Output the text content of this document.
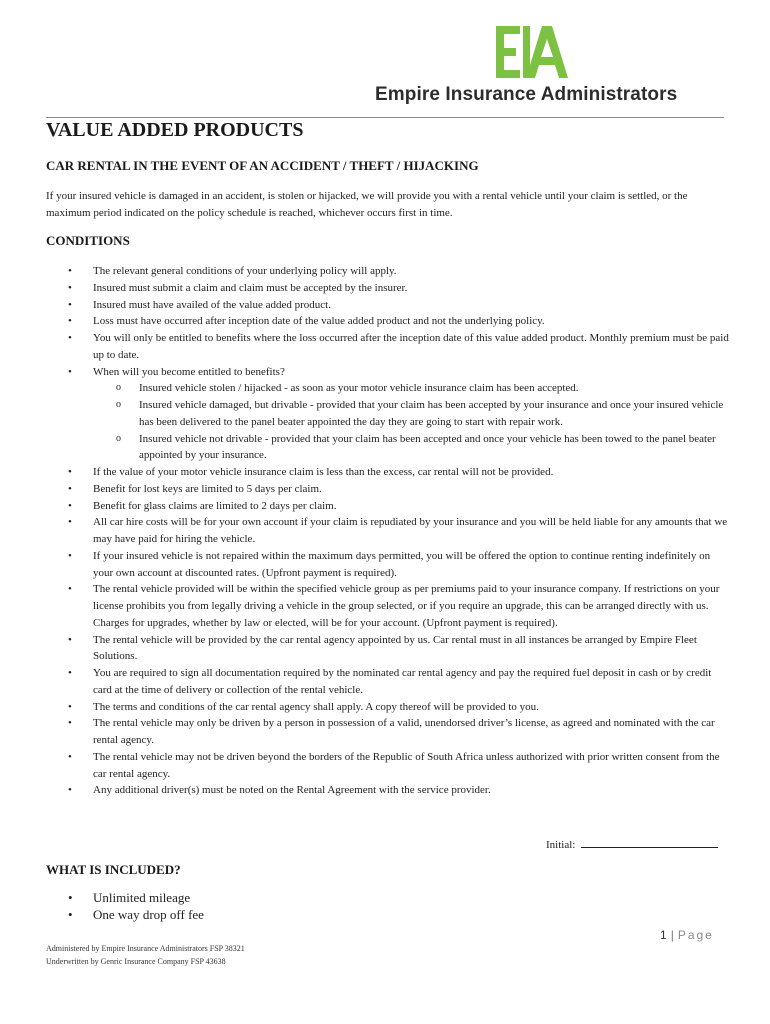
Empire Insurance Administrators
VALUE ADDED PRODUCTS
CAR RENTAL IN THE EVENT OF AN ACCIDENT / THEFT / HIJACKING
If your insured vehicle is damaged in an accident, is stolen or hijacked, we will provide you with a rental vehicle until your claim is settled, or the maximum period indicated on the policy schedule is reached, whichever occurs first in time.
CONDITIONS
• The relevant general conditions of your underlying policy will apply.
• Insured must submit a claim and claim must be accepted by the insurer.
• Insured must have availed of the value added product.
• Loss must have occurred after inception date of the value added product and not the underlying policy.
• You will only be entitled to benefits where the loss occurred after the inception date of this value added product. Monthly premium must be paid up to date.
• When will you become entitled to benefits?
o Insured vehicle stolen / hijacked - as soon as your motor vehicle insurance claim has been accepted.
o Insured vehicle damaged, but drivable - provided that your claim has been accepted by your insurance and once your insured vehicle has been delivered to the panel beater appointed the day they are going to start with repair work.
o Insured vehicle not drivable - provided that your claim has been accepted and once your vehicle has been towed to the panel beater appointed by your insurance.
• If the value of your motor vehicle insurance claim is less than the excess, car rental will not be provided.
• Benefit for lost keys are limited to 5 days per claim.
• Benefit for glass claims are limited to 2 days per claim.
• All car hire costs will be for your own account if your claim is repudiated by your insurance and you will be held liable for any amounts that we may have paid for hiring the vehicle.
• If your insured vehicle is not repaired within the maximum days permitted, you will be offered the option to continue renting indefinitely on your own account at discounted rates. (Upfront payment is required).
• The rental vehicle provided will be within the specified vehicle group as per premiums paid to your insurance company. If restrictions on your license prohibits you from legally driving a vehicle in the group selected, or if you require an upgrade, this can be arranged directly with us. Charges for upgrades, whether by law or elected, will be for your account. (Upfront payment is required).
• The rental vehicle will be provided by the car rental agency appointed by us. Car rental must in all instances be arranged by Empire Fleet Solutions.
• You are required to sign all documentation required by the nominated car rental agency and pay the required fuel deposit in cash or by credit card at the time of delivery or collection of the rental vehicle.
• The terms and conditions of the car rental agency shall apply. A copy thereof will be provided to you.
• The rental vehicle may only be driven by a person in possession of a valid, unendorsed driver’s license, as agreed and nominated with the car rental agency.
• The rental vehicle may not be driven beyond the borders of the Republic of South Africa unless authorized with prior written consent from the car rental agency.
• Any additional driver(s) must be noted on the Rental Agreement with the service provider.
Initial:
WHAT IS INCLUDED?
• Unlimited mileage
• One way drop off fee
1 | Page
Administered by Empire Insurance Administrators FSP 38321
Underwritten by Genric Insurance Company FSP 43638
